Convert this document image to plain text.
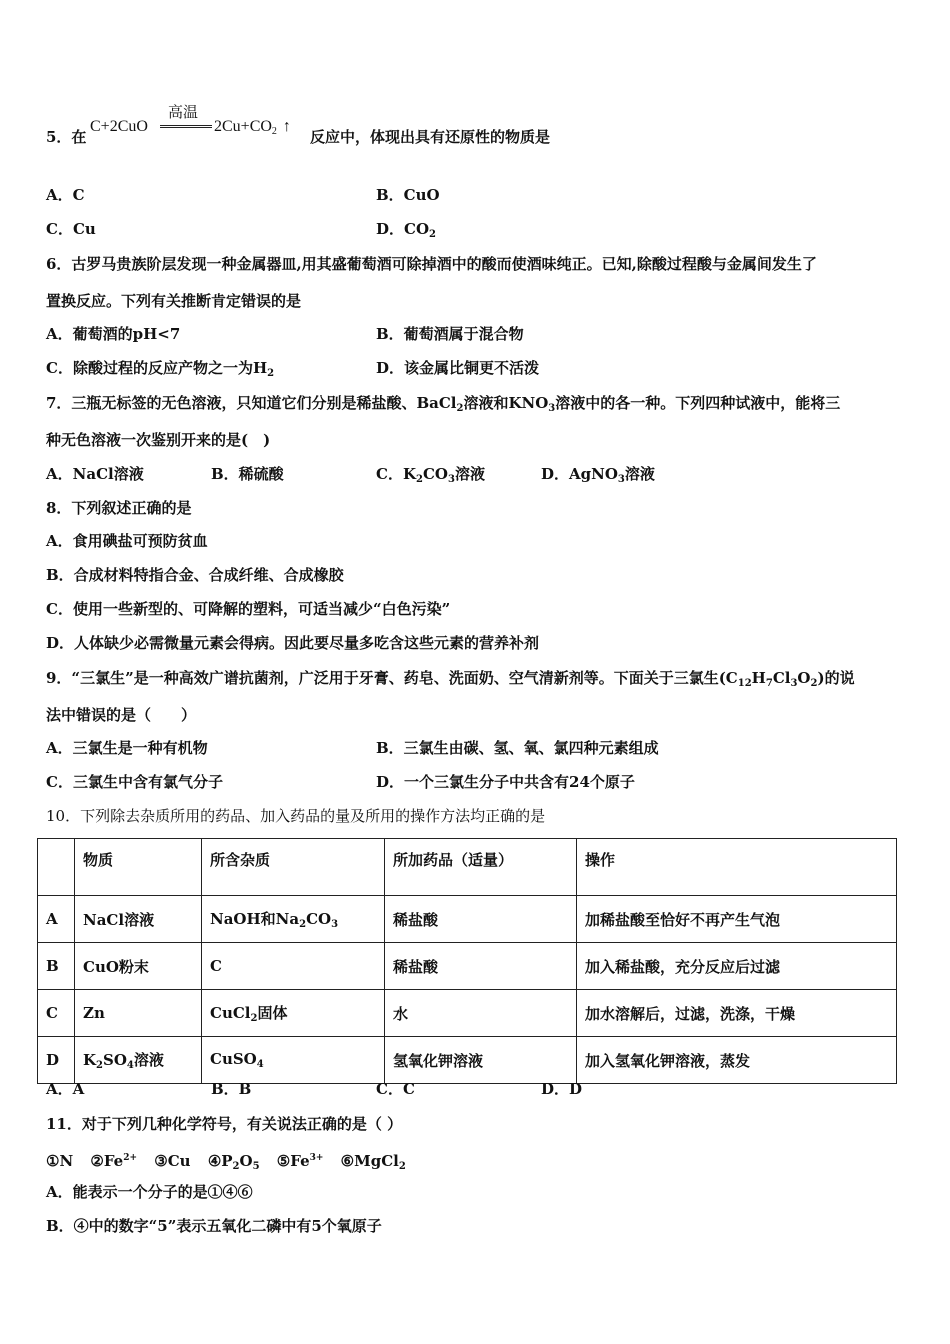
5．在
高温
C+2CuO	$2Cu+CO_2$ ↑
反应中，体现出具有还原性的物质是
A．C	B．CuO
C．Cu	D．$CO_2$
6．古罗马贵族阶层发现一种金属器皿,用其盛葡萄酒可除掉酒中的酸而使酒味纯正。已知,除酸过程酸与金属间发生了
置换反应。下列有关推断肯定错误的是
A．葡萄酒的pH<7	B．葡萄酒属于混合物
C．除酸过程的反应产物之一为$H_2$	D．该金属比铜更不活泼
7．三瓶无标签的无色溶液，只知道它们分别是稀盐酸、BaCl$_2$溶液和$KNO_3$溶液中的各一种。下列四种试液中，能将三
种无色溶液一次鉴别开来的是(　)
A．NaCl溶液	B．稀硫酸	C．$K_2CO_3$溶液	D．AgNO$_3$溶液
8．下列叙述正确的是
A．食用碘盐可预防贫血
B．合成材料特指合金、合成纤维、合成橡胶
C．使用一些新型的、可降解的塑料，可适当减少“白色污染”
D．人体缺少必需微量元素会得病。因此要尽量多吃含这些元素的营养补剂
9．“三氯生”是一种高效广谱抗菌剂，广泛用于牙膏、药皂、洗面奶、空气清新剂等。下面关于三氯生$(C_{12}H_7Cl_3O_2)$的说
法中错误的是（　　）
A．三氯生是一种有机物	B．三氯生由碳、氢、氧、氯四种元素组成
C．三氯生中含有氯气分子	D．一个三氯生分子中共含有24个原子
10．下列除去杂质所用的药品、加入药品的量及所用的操作方法均正确的是
	物质	所含杂质	所加药品（适量）	操作
A	NaCl溶液	NaOH和$Na_2CO_3$	稀盐酸	加稀盐酸至恰好不再产生气泡
B	CuO粉末	C	稀盐酸	加入稀盐酸，充分反应后过滤
C	Zn	CuCl$_2$固体	水	加水溶解后，过滤，洗涤，干燥
D	$K_2SO_4$溶液	CuSO$_4$	氢氧化钾溶液	加入氢氧化钾溶液，蒸发
A．A	B．B	C．C	D．D
11．对于下列几种化学符号，有关说法正确的是（ ）
①N $②Fe^{2+}$ ③Cu $④P_2O_5$ $⑤Fe^{3+}$ ⑥MgCl$_2$
A．能表示一个分子的是①④⑥
B．④中的数字“5”表示五氧化二磷中有5个氧原子
